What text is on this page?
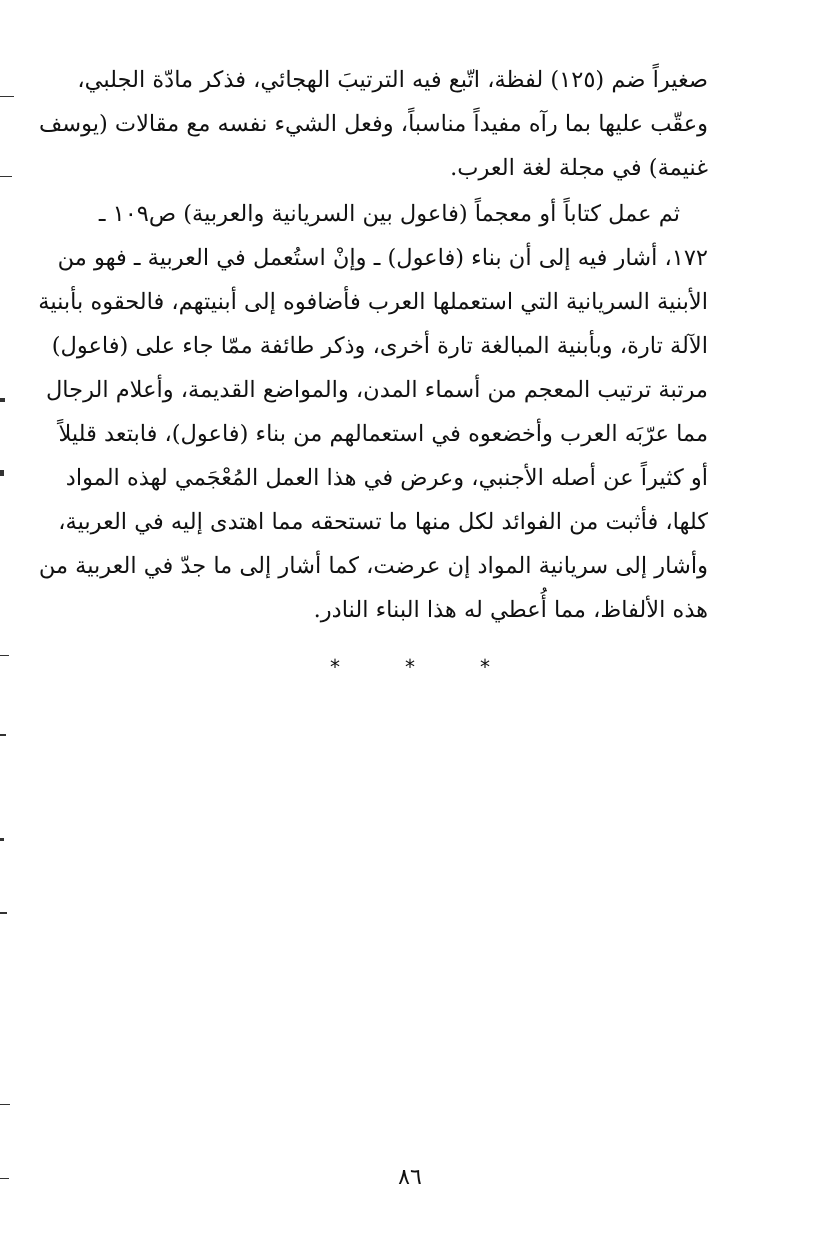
صغيراً ضم (١٢٥) لفظة، اتّبع فيه الترتيبَ الهجائي، فذكر مادّة الجلبي،
وعقّب عليها بما رآه مفيداً مناسباً، وفعل الشيء نفسه مع مقالات (يوسف
غنيمة) في مجلة لغة العرب.
ثم عمل كتاباً أو معجماً (فاعول بين السريانية والعربية) ص١٠٩ ـ
١٧٢، أشار فيه إلى أن بناء (فاعول) ـ وإنْ استُعمل في العربية ـ فهو من
الأبنية السريانية التي استعملها العرب فأضافوه إلى أبنيتهم، فالحقوه بأبنية
الآلة تارة، وبأبنية المبالغة تارة أخرى، وذكر طائفة ممّا جاء على (فاعول)
مرتبة ترتيب المعجم من أسماء المدن، والمواضع القديمة، وأعلام الرجال
مما عرّبَه العرب وأخضعوه في استعمالهم من بناء (فاعول)، فابتعد قليلاً
أو كثيراً عن أصله الأجنبي، وعرض في هذا العمل المُعْجَمي لهذه المواد
كلها، فأثبت من الفوائد لكل منها ما تستحقه مما اهتدى إليه في العربية،
وأشار إلى سريانية المواد إن عرضت، كما أشار إلى ما جدّ في العربية من
هذه الألفاظ، مما أُعطي له هذا البناء النادر.
*	*	*
٨٦
